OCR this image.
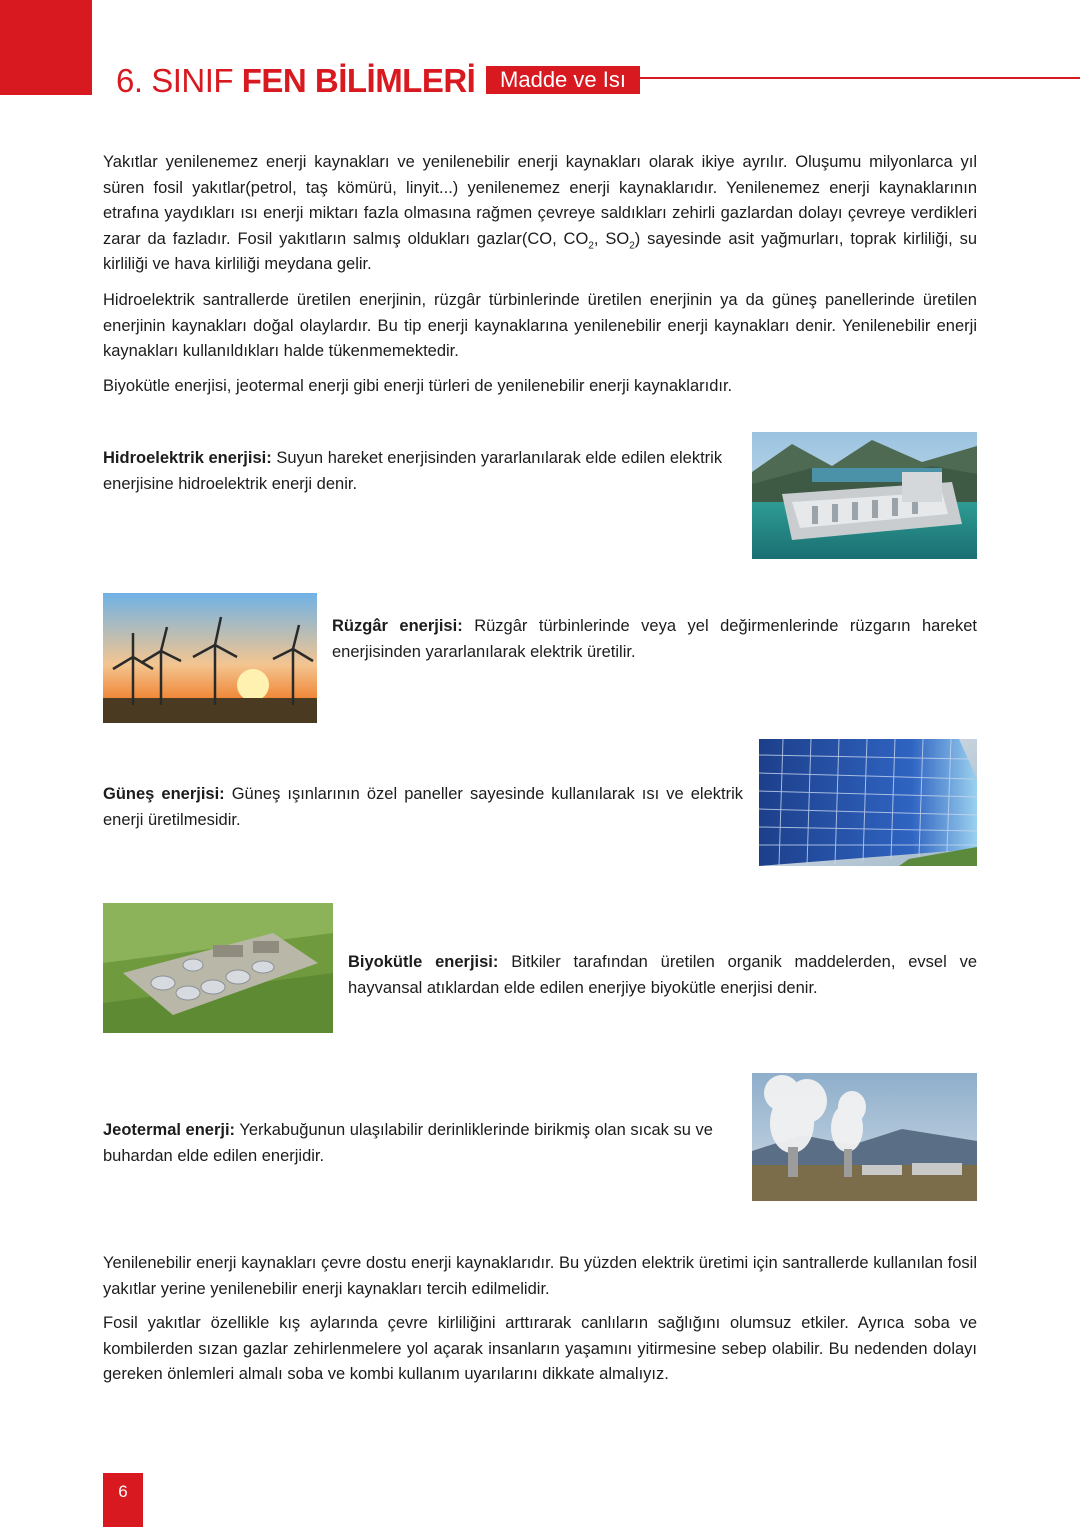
6. SINIF FEN BİLİMLERİ	Madde ve Isı

Yakıtlar yenilenemez enerji kaynakları ve yenilenebilir enerji kaynakları olarak ikiye ayrılır. Oluşumu milyonlarca yıl süren fosil yakıtlar(petrol, taş kömürü, linyit...) yenilenemez enerji kaynaklarıdır. Yenilenemez enerji kaynaklarının etrafına yaydıkları ısı enerji miktarı fazla olmasına rağmen çevreye saldıkları zehirli gazlardan dolayı çevreye verdikleri zarar da fazladır. Fosil yakıtların salmış oldukları gazlar(CO, $CO_2$, $SO_2$) sayesinde asit yağmurları, toprak kirliliği, su kirliliği ve hava kirliliği meydana gelir.

Hidroelektrik santrallerde üretilen enerjinin, rüzgâr türbinlerinde üretilen enerjinin ya da güneş panellerinde üretilen enerjinin kaynakları doğal olaylardır. Bu tip enerji kaynaklarına yenilenebilir enerji kaynakları denir. Yenilenebilir enerji kaynakları kullanıldıkları halde tükenmemektedir.

Biyokütle enerjisi, jeotermal enerji gibi enerji türleri de yenilenebilir enerji kaynaklarıdır.

Hidroelektrik enerjisi: Suyun hareket enerjisinden yararlanılarak elde edilen elektrik enerjisine hidroelektrik enerji denir.

Rüzgâr enerjisi: Rüzgâr türbinlerinde veya yel değirmenlerinde rüzgarın hareket enerjisinden yararlanılarak elektrik üretilir.

Güneş enerjisi: Güneş ışınlarının özel paneller sayesinde kullanılarak ısı ve elektrik enerji üretilmesidir.

Biyokütle enerjisi: Bitkiler tarafından üretilen organik maddelerden, evsel ve hayvansal atıklardan elde edilen enerjiye biyokütle enerjisi denir.

Jeotermal enerji: Yerkabuğunun ulaşılabilir derinliklerinde birikmiş olan sıcak su ve buhardan elde edilen enerjidir.

Yenilenebilir enerji kaynakları çevre dostu enerji kaynaklarıdır. Bu yüzden elektrik üretimi için santrallerde kullanılan fosil yakıtlar yerine yenilenebilir enerji kaynakları tercih edilmelidir.

Fosil yakıtlar özellikle kış aylarında çevre kirliliğini arttırarak canlıların sağlığını olumsuz etkiler. Ayrıca soba ve kombilerden sızan gazlar zehirlenmelere yol açarak insanların yaşamını yitirmesine sebep olabilir. Bu nedenden dolayı gereken önlemleri almalı soba ve kombi kullanım uyarılarını dikkate almalıyız.

6
